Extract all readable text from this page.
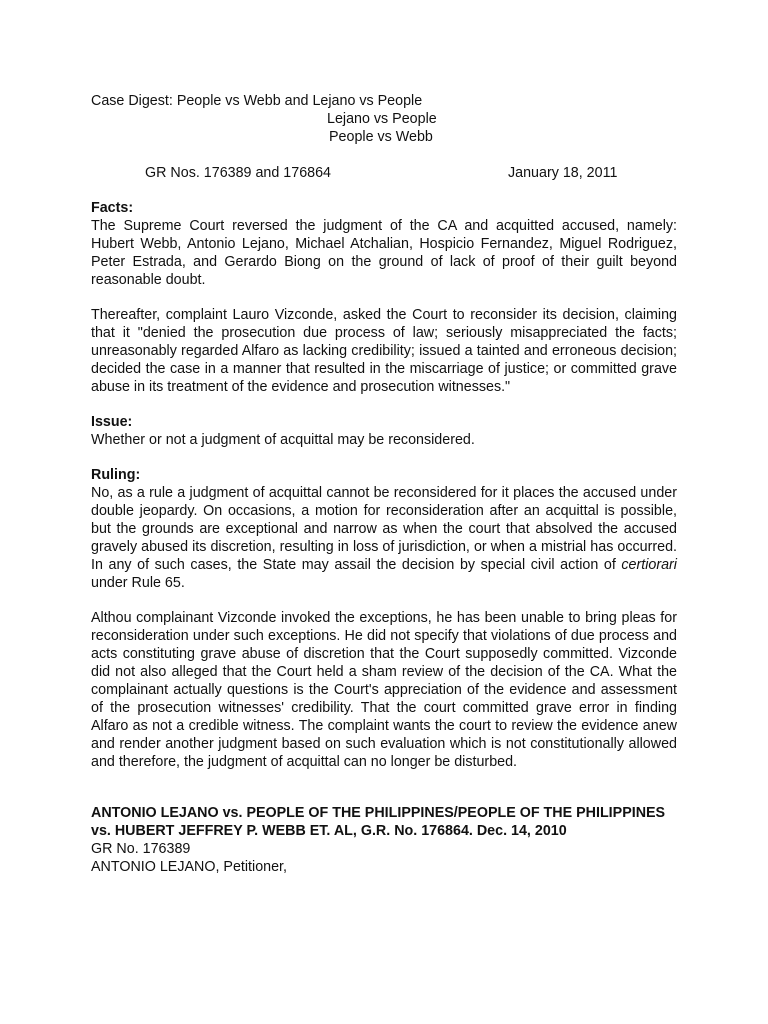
Case Digest: People vs Webb and Lejano vs People
Lejano vs People
People vs Webb
GR Nos. 176389 and 176864	January 18, 2011
Facts:

The Supreme Court reversed the judgment of the CA and acquitted accused, namely: Hubert Webb, Antonio Lejano, Michael Atchalian, Hospicio Fernandez, Miguel Rodriguez, Peter Estrada, and Gerardo Biong on the ground of lack of proof of their guilt beyond reasonable doubt.

Thereafter, complaint Lauro Vizconde, asked the Court to reconsider its decision, claiming that it "denied the prosecution due process of law; seriously misappreciated the facts; unreasonably regarded Alfaro as lacking credibility; issued a tainted and erroneous decision; decided the case in a manner that resulted in the miscarriage of justice; or committed grave abuse in its treatment of the evidence and prosecution witnesses."

Issue:

Whether or not a judgment of acquittal may be reconsidered.

Ruling:

No, as a rule a judgment of acquittal cannot be reconsidered for it places the accused under double jeopardy. On occasions, a motion for reconsideration after an acquittal is possible, but the grounds are exceptional and narrow as when the court that absolved the accused gravely abused its discretion, resulting in loss of jurisdiction, or when a mistrial has occurred. In any of such cases, the State may assail the decision by special civil action of certiorari under Rule 65.

Althou complainant Vizconde invoked the exceptions, he has been unable to bring pleas for reconsideration under such exceptions. He did not specify that violations of due process and acts constituting grave abuse of discretion that the Court supposedly committed. Vizconde did not also alleged that the Court held a sham review of the decision of the CA. What the complainant actually questions is the Court's appreciation of the evidence and assessment of the prosecution witnesses' credibility. That the court committed grave error in finding Alfaro as not a credible witness. The complaint wants the court to review the evidence anew and render another judgment based on such evaluation which is not constitutionally allowed and therefore, the judgment of acquittal can no longer be disturbed.

ANTONIO LEJANO vs. PEOPLE OF THE PHILIPPINES/PEOPLE OF THE PHILIPPINES vs. HUBERT JEFFREY P. WEBB ET. AL, G.R. No. 176864. Dec. 14, 2010
GR No. 176389
ANTONIO LEJANO, Petitioner,
